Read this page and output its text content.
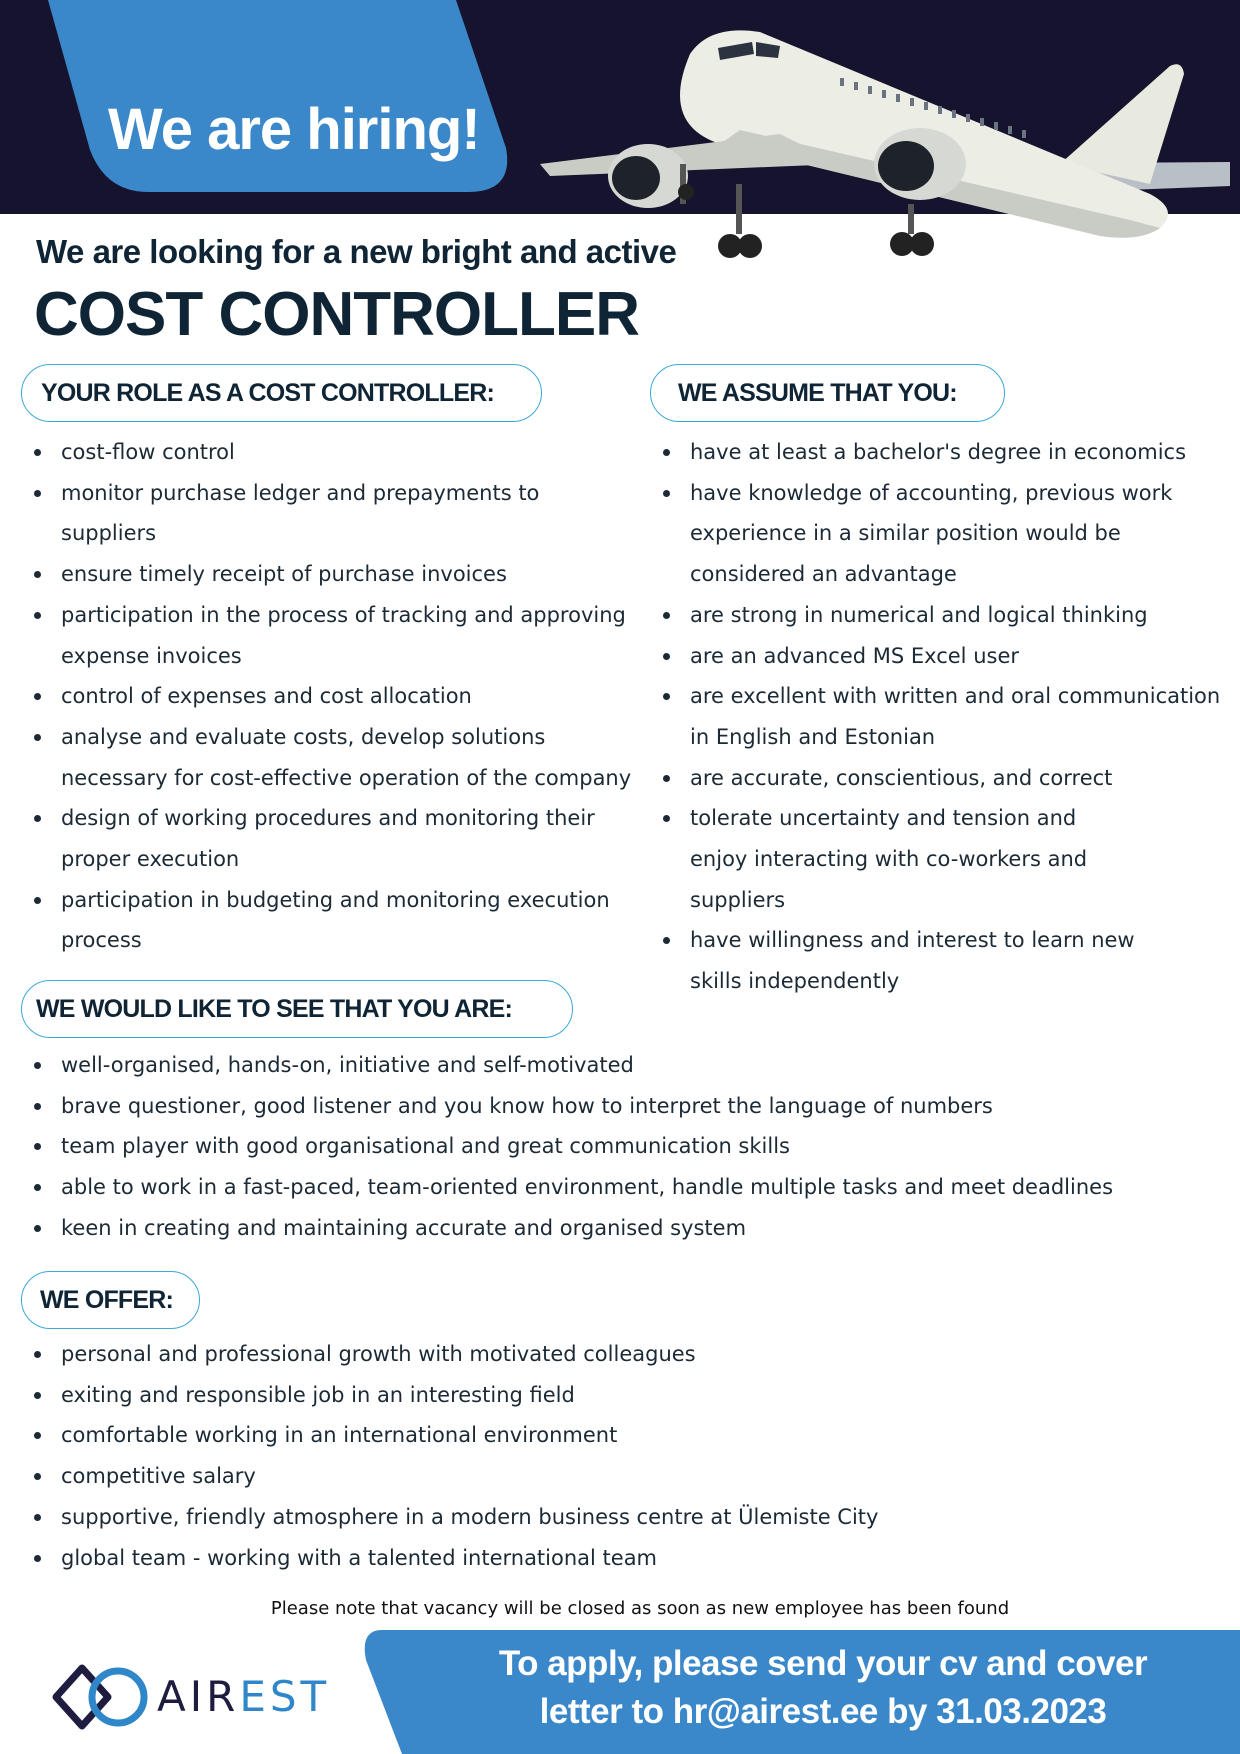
We are hiring!
We are looking for a new bright and active
COST CONTROLLER
YOUR ROLE AS A COST CONTROLLER:
cost-flow control
monitor purchase ledger and prepayments to suppliers
ensure timely receipt of purchase invoices
participation in the process of tracking and approving expense invoices
control of expenses and cost allocation
analyse and evaluate costs, develop solutions necessary for cost-effective operation of the company
design of working procedures and monitoring their proper execution
participation in budgeting and monitoring execution process
WE ASSUME THAT YOU:
have at least a bachelor's degree in economics
have knowledge of accounting, previous work experience in a similar position would be considered an advantage
are strong in numerical and logical thinking
are an advanced MS Excel user
are excellent with written and oral communication in English and Estonian
are accurate, conscientious, and correct
tolerate uncertainty and tension and enjoy interacting with co-workers and suppliers
have willingness and interest to learn new skills independently
WE WOULD LIKE TO SEE THAT YOU ARE:
well-organised, hands-on, initiative and self-motivated
brave questioner, good listener and you know how to interpret the language of numbers
team player with good organisational and great communication skills
able to work in a fast-paced, team-oriented environment, handle multiple tasks and meet deadlines
keen in creating and maintaining accurate and organised system
WE OFFER:
personal and professional growth with motivated colleagues
exiting and responsible job in an interesting field
comfortable working in an international environment
competitive salary
supportive, friendly atmosphere in a modern business centre at Ülemiste City
global team - working with a talented international team
Please note that vacancy will be closed as soon as new employee has been found
AIREST
To apply, please send your cv and cover
letter to hr@airest.ee by 31.03.2023
